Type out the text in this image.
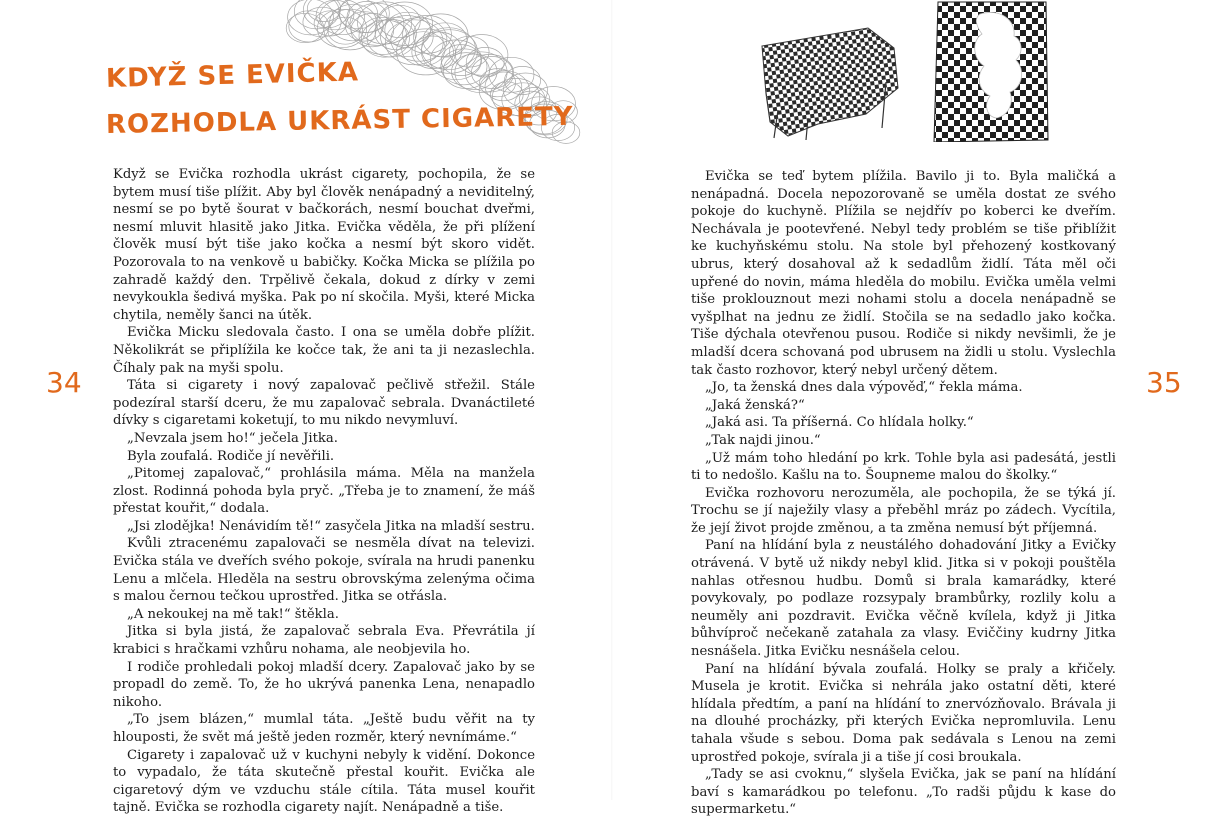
KDYŽ SE EVIČKA
ROZHODLA UKRÁST CIGARETY
34	35

Když se Evička rozhodla ukrást cigarety, pochopila, že se bytem musí tiše plížit. Aby byl člověk nenápadný a neviditelný, nesmí se po bytě šourat v bačkorách, nesmí bouchat dveřmi, nesmí mluvit hlasitě jako Jitka. Evička věděla, že při plížení člověk musí být tiše jako kočka a nesmí být skoro vidět. Pozorovala to na venkově u babičky. Kočka Micka se plížila po zahradě každý den. Trpělivě čekala, dokud z dírky v zemi nevykoukla šedivá myška. Pak po ní skočila. Myši, které Micka chytila, neměly šanci na útěk.

Evička Micku sledovala často. I ona se uměla dobře plížit. Několikrát se připlížila ke kočce tak, že ani ta ji nezaslechla. Číhaly pak na myši spolu.

Táta si cigarety i nový zapalovač pečlivě střežil. Stále podezíral starší dceru, že mu zapalovač sebrala. Dvanáctileté dívky s cigaretami koketují, to mu nikdo nevymluví.

„Nevzala jsem ho!“ ječela Jitka.

Byla zoufalá. Rodiče jí nevěřili.

„Pitomej zapalovač,“ prohlásila máma. Měla na manžela zlost. Rodinná pohoda byla pryč. „Třeba je to znamení, že máš přestat kouřit,“ dodala.

„Jsi zlodějka! Nenávidím tě!“ zasyčela Jitka na mladší sestru.

Kvůli ztracenému zapalovači se nesměla dívat na televizi. Evička stála ve dveřích svého pokoje, svírala na hrudi panenku Lenu a mlčela. Hleděla na sestru obrovskýma zelenýma očima s malou černou tečkou uprostřed. Jitka se otřásla.

„A nekoukej na mě tak!“ štěkla.

Jitka si byla jistá, že zapalovač sebrala Eva. Převrátila jí krabici s hračkami vzhůru nohama, ale neobjevila ho.

I rodiče prohledali pokoj mladší dcery. Zapalovač jako by se propadl do země. To, že ho ukrývá panenka Lena, nenapadlo nikoho.

„To jsem blázen,“ mumlal táta. „Ještě budu věřit na ty hlouposti, že svět má ještě jeden rozměr, který nevnímáme.“

Cigarety i zapalovač už v kuchyni nebyly k vidění. Dokonce to vypadalo, že táta skutečně přestal kouřit. Evička ale cigaretový dým ve vzduchu stále cítila. Táta musel kouřit tajně. Evička se rozhodla cigarety najít. Nenápadně a tiše.

Evička se teď bytem plížila. Bavilo ji to. Byla maličká a nenápadná. Docela nepozorovaně se uměla dostat ze svého pokoje do kuchyně. Plížila se nejdřív po koberci ke dveřím. Nechávala je pootevřené. Nebyl tedy problém se tiše přiblížit ke kuchyňskému stolu. Na stole byl přehozený kostkovaný ubrus, který dosahoval až k sedadlům židlí. Táta měl oči upřené do novin, máma hleděla do mobilu. Evička uměla velmi tiše proklouznout mezi nohami stolu a docela nenápadně se vyšplhat na jednu ze židlí. Stočila se na sedadlo jako kočka. Tiše dýchala otevřenou pusou. Rodiče si nikdy nevšimli, že je mladší dcera schovaná pod ubrusem na židli u stolu. Vyslechla tak často rozhovor, který nebyl určený dětem.

„Jo, ta ženská dnes dala výpověď,“ řekla máma.

„Jaká ženská?“

„Jaká asi. Ta příšerná. Co hlídala holky.“

„Tak najdi jinou.“

„Už mám toho hledání po krk. Tohle byla asi padesátá, jestli ti to nedošlo. Kašlu na to. Šoupneme malou do školky.“

Evička rozhovoru nerozuměla, ale pochopila, že se týká jí. Trochu se jí naježily vlasy a přeběhl mráz po zádech. Vycítila, že její život projde změnou, a ta změna nemusí být příjemná.

Paní na hlídání byla z neustálého dohadování Jitky a Evičky otrávená. V bytě už nikdy nebyl klid. Jitka si v pokoji pouštěla nahlas otřesnou hudbu. Domů si brala kamarádky, které povykovaly, po podlaze rozsypaly brambůrky, rozlily kolu a neuměly ani pozdravit. Evička věčně kvílela, když ji Jitka bůhvíproč nečekaně zatahala za vlasy. Eviččiny kudrny Jitka nesnášela. Jitka Evičku nesnášela celou.

Paní na hlídání bývala zoufalá. Holky se praly a křičely. Musela je krotit. Evička si nehrála jako ostatní děti, které hlídala předtím, a paní na hlídání to znervózňovalo. Brávala ji na dlouhé procházky, při kterých Evička nepromluvila. Lenu tahala všude s sebou. Doma pak sedávala s Lenou na zemi uprostřed pokoje, svírala ji a tiše jí cosi broukala.

„Tady se asi cvoknu,“ slyšela Evička, jak se paní na hlídání baví s kamarádkou po telefonu. „To radši půjdu k kase do supermarketu.“
